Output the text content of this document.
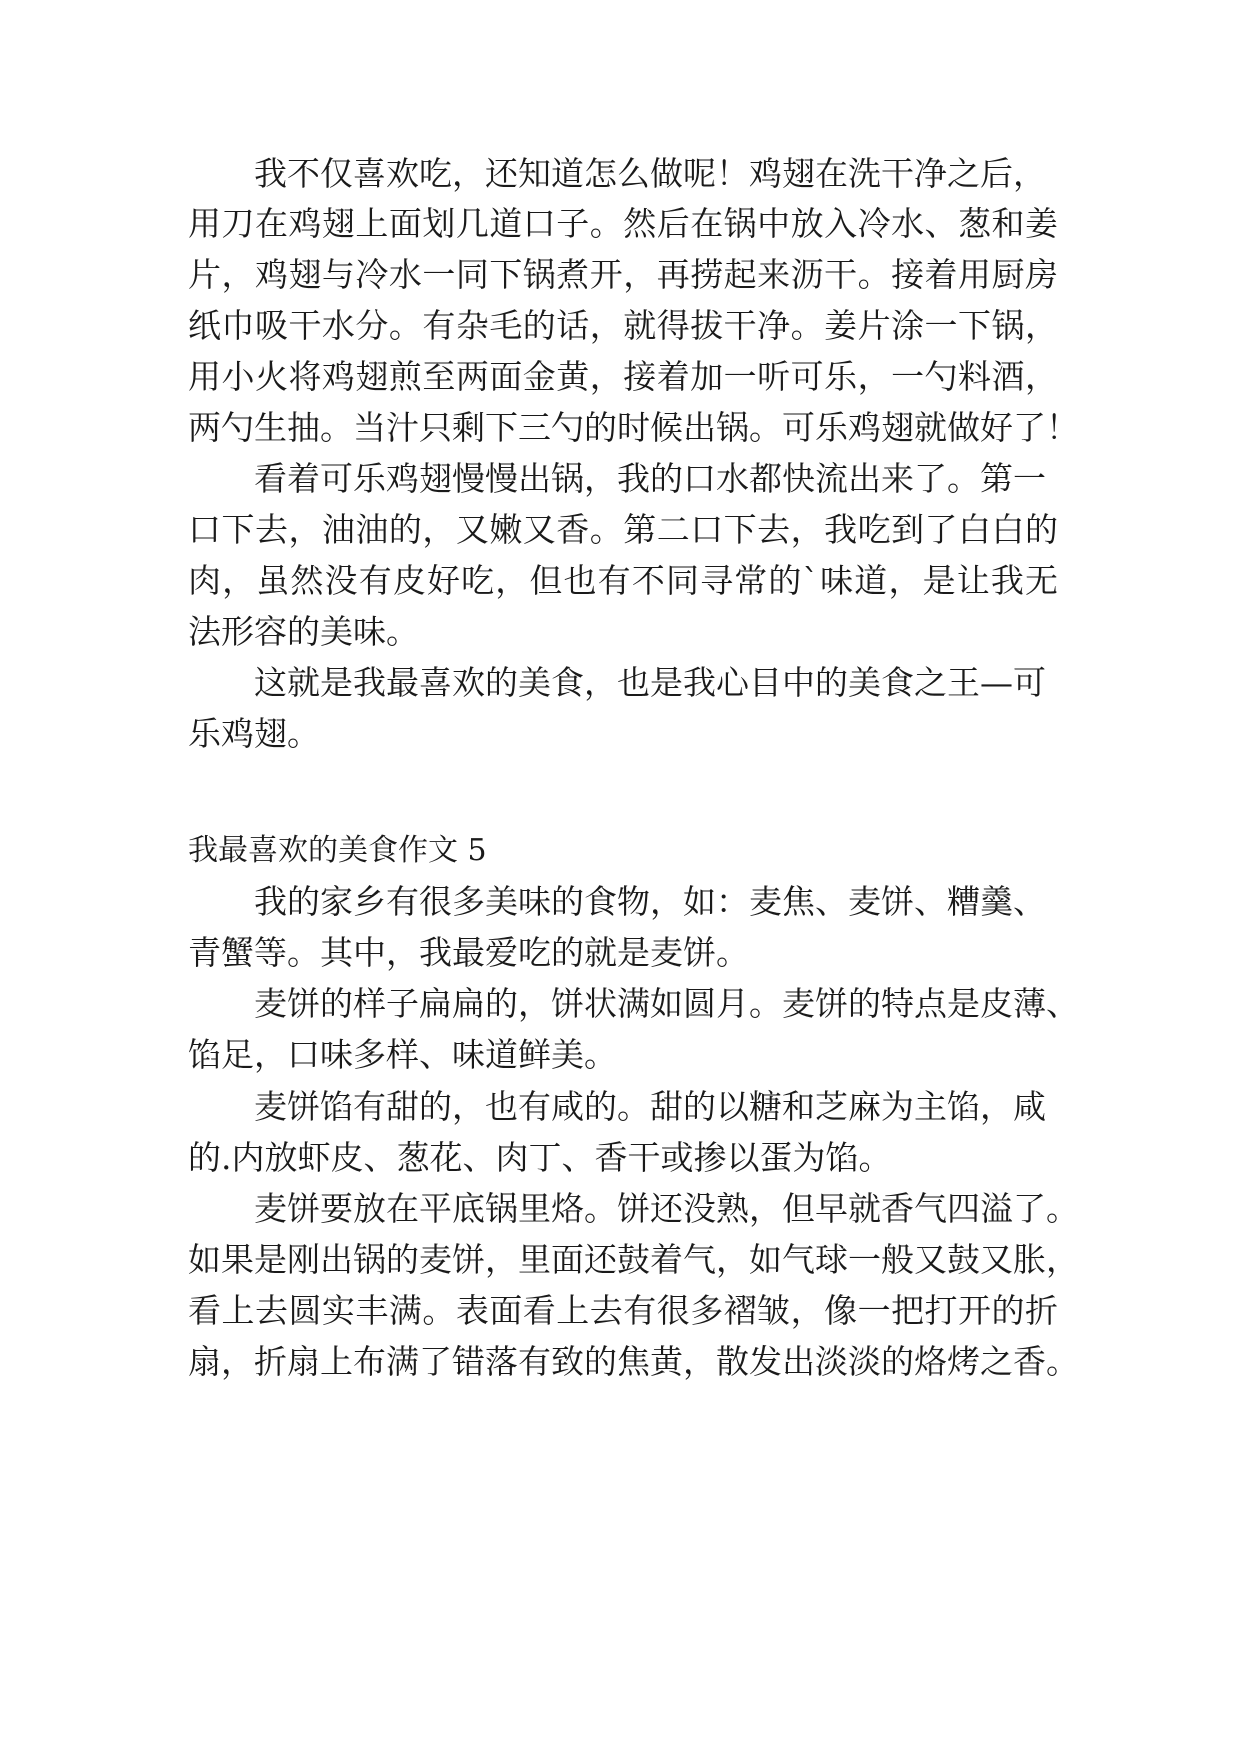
我不仅喜欢吃，还知道怎么做呢！鸡翅在洗干净之后，
用刀在鸡翅上面划几道口子。然后在锅中放入冷水、葱和姜
片，鸡翅与冷水一同下锅煮开，再捞起来沥干。接着用厨房
纸巾吸干水分。有杂毛的话，就得拔干净。姜片涂一下锅，
用小火将鸡翅煎至两面金黄，接着加一听可乐，一勺料酒，
两勺生抽。当汁只剩下三勺的时候出锅。可乐鸡翅就做好了！
看着可乐鸡翅慢慢出锅，我的口水都快流出来了。第一
口下去，油油的，又嫩又香。第二口下去，我吃到了白白的
肉，虽然没有皮好吃，但也有不同寻常的`味道，是让我无
法形容的美味。
这就是我最喜欢的美食，也是我心目中的美食之王—可
乐鸡翅。
我最喜欢的美食作文 5
我的家乡有很多美味的食物，如：麦焦、麦饼、糟羹、
青蟹等。其中，我最爱吃的就是麦饼。
麦饼的样子扁扁的，饼状满如圆月。麦饼的特点是皮薄、
馅足，口味多样、味道鲜美。
麦饼馅有甜的，也有咸的。甜的以糖和芝麻为主馅，咸
的.内放虾皮、葱花、肉丁、香干或掺以蛋为馅。
麦饼要放在平底锅里烙。饼还没熟，但早就香气四溢了。
如果是刚出锅的麦饼，里面还鼓着气，如气球一般又鼓又胀，
看上去圆实丰满。表面看上去有很多褶皱，像一把打开的折
扇，折扇上布满了错落有致的焦黄，散发出淡淡的烙烤之香。
